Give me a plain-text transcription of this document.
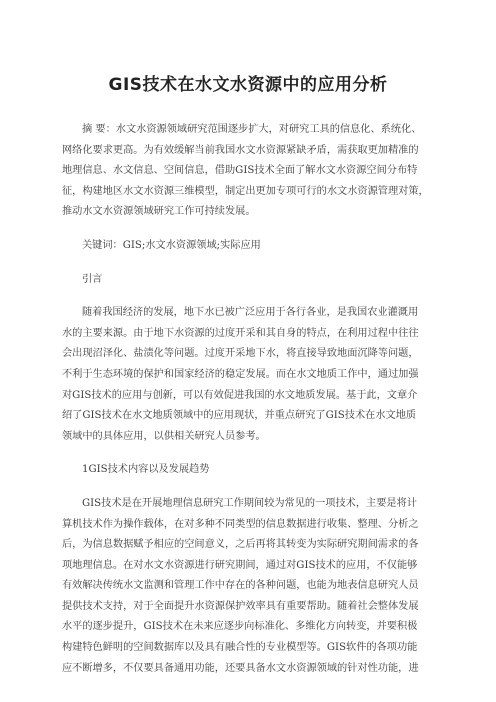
GIS技术在水文水资源中的应用分析
摘 要：水文水资源领域研究范围逐步扩大，对研究工具的信息化、系统化、
网络化要求更高。为有效缓解当前我国水文水资源紧缺矛盾，需获取更加精准的
地理信息、水文信息、空间信息，借助GIS技术全面了解水文水资源空间分布特
征，构建地区水文水资源三维模型，制定出更加专项可行的水文水资源管理对策，
推动水文水资源领域研究工作可持续发展。
关键词：GIS;水文水资源领域;实际应用
引言
随着我国经济的发展，地下水已被广泛应用于各行各业，是我国农业灌溉用
水的主要来源。由于地下水资源的过度开采和其自身的特点，在利用过程中往往
会出现沼泽化、盐渍化等问题。过度开采地下水，将直接导致地面沉降等问题，
不利于生态环境的保护和国家经济的稳定发展。而在水文地质工作中，通过加强
对GIS技术的应用与创新，可以有效促进我国的水文地质发展。基于此，文章介
绍了GIS技术在水文地质领域中的应用现状，并重点研究了GIS技术在水文地质
领域中的具体应用，以供相关研究人员参考。
1GIS技术内容以及发展趋势
GIS技术是在开展地理信息研究工作期间较为常见的一项技术，主要是将计
算机技术作为操作载体，在对多种不同类型的信息数据进行收集、整理、分析之
后，为信息数据赋予相应的空间意义，之后再将其转变为实际研究期间需求的各
项地理信息。在对水文水资源进行研究期间，通过对GIS技术的应用，不仅能够
有效解决传统水文监测和管理工作中存在的各种问题，也能为地表信息研究人员
提供技术支持，对于全面提升水资源保护效率具有重要帮助。随着社会整体发展
水平的逐步提升，GIS技术在未来应逐步向标准化、多维化方向转变，并要积极
构建特色鲜明的空间数据库以及具有融合性的专业模型等。GIS软件的各项功能
应不断增多，不仅要具备通用功能，还要具备水文水资源领域的针对性功能，进
